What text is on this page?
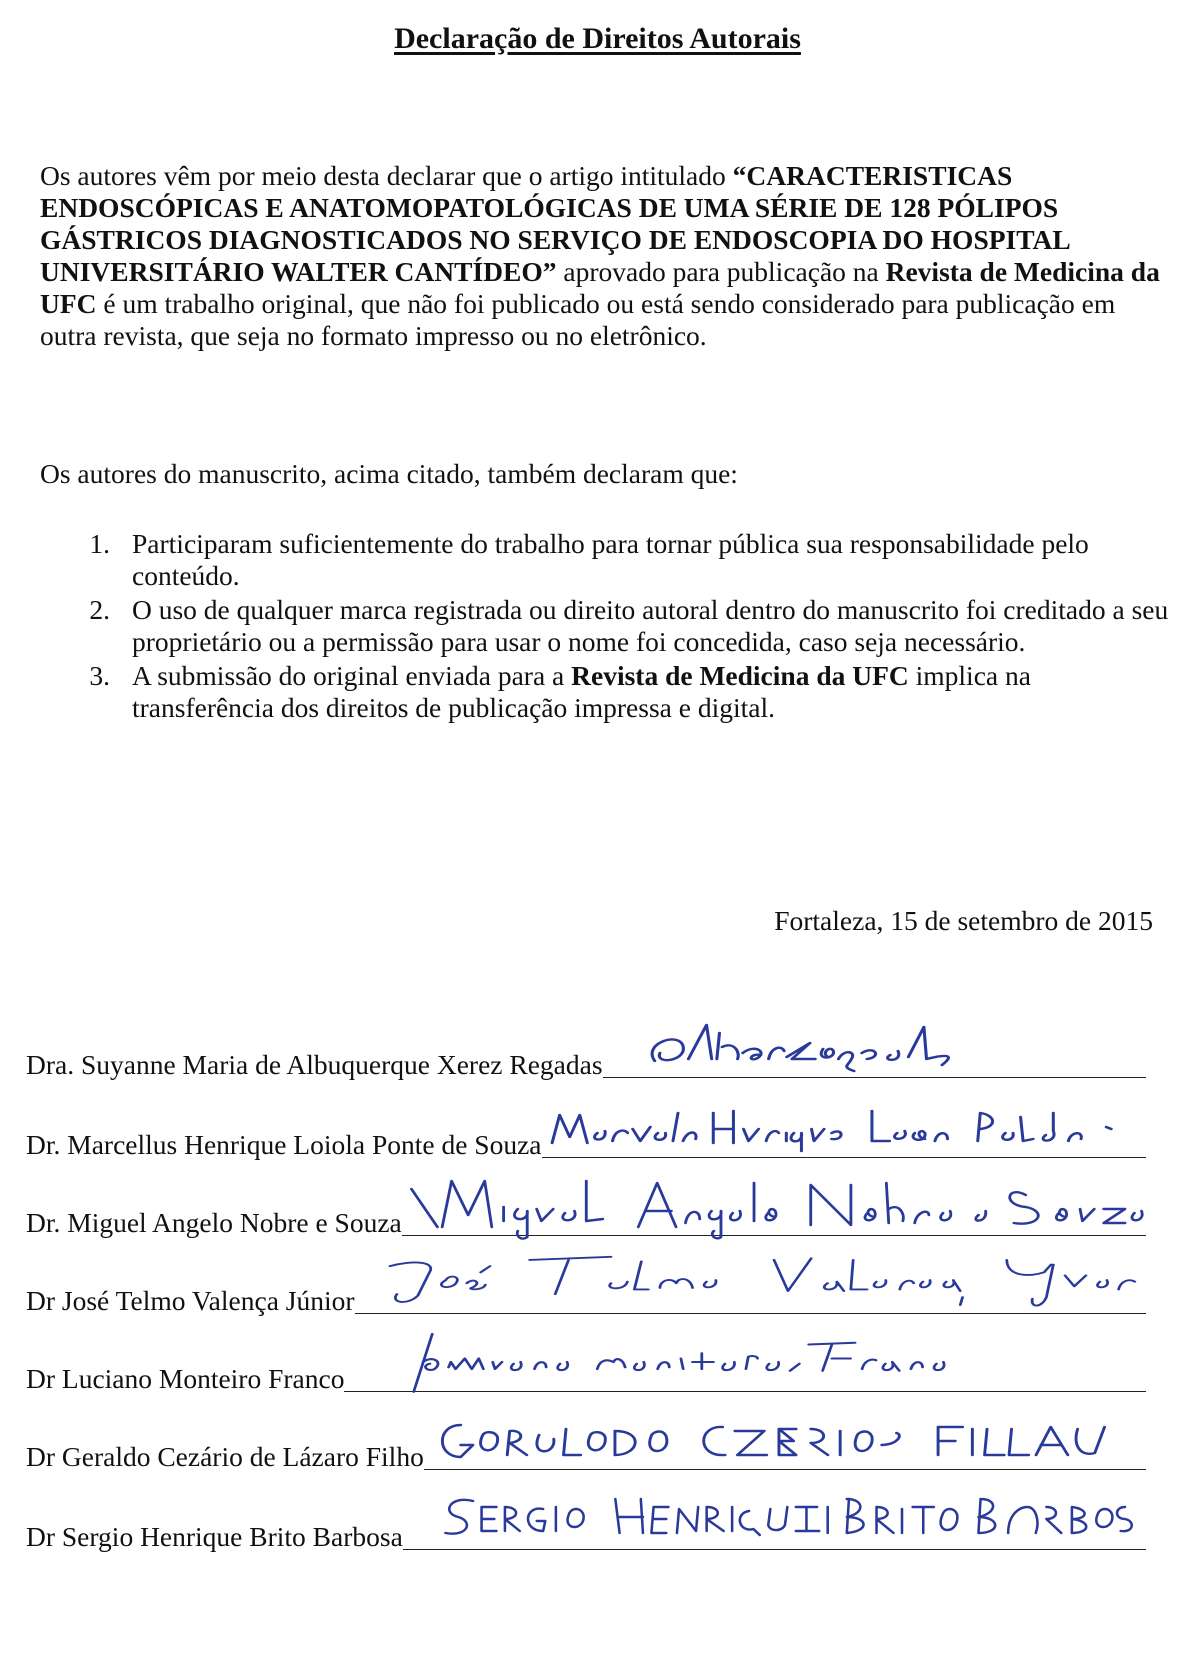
Declaração de Direitos Autorais

Os autores vêm por meio desta declarar que o artigo intitulado “CARACTERISTICAS ENDOSCÓPICAS E ANATOMOPATOLÓGICAS DE UMA SÉRIE DE 128 PÓLIPOS GÁSTRICOS DIAGNOSTICADOS NO SERVIÇO DE ENDOSCOPIA DO HOSPITAL UNIVERSITÁRIO WALTER CANTÍDEO” aprovado para publicação na Revista de Medicina da UFC é um trabalho original, que não foi publicado ou está sendo considerado para publicação em outra revista, que seja no formato impresso ou no eletrônico.

Os autores do manuscrito, acima citado, também declaram que:

1. Participaram suficientemente do trabalho para tornar pública sua responsabilidade pelo conteúdo.
2. O uso de qualquer marca registrada ou direito autoral dentro do manuscrito foi creditado a seu proprietário ou a permissão para usar o nome foi concedida, caso seja necessário.
3. A submissão do original enviada para a Revista de Medicina da UFC implica na transferência dos direitos de publicação impressa e digital.
Fortaleza, 15 de setembro de 2015
Dra. Suyanne Maria de Albuquerque Xerez Regadas
Dr. Marcellus Henrique Loiola Ponte de Souza
Dr. Miguel Angelo Nobre e Souza
Dr José Telmo Valença Júnior
Dr Luciano Monteiro Franco
Dr Geraldo Cezário de Lázaro Filho
Dr Sergio Henrique Brito Barbosa
